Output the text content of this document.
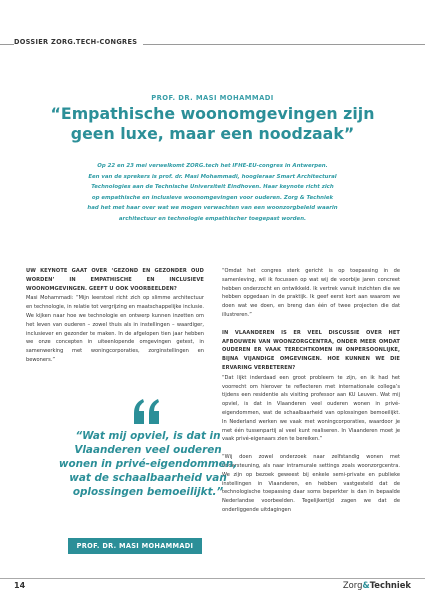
DOSSIER ZORG.TECH-CONGRES
PROF. DR. MASI MOHAMMADI
“Empathische woonomgevingen zijn
geen luxe, maar een noodzaak”
Op 22 en 23 mei verwelkomt ZORG.tech het IFHE-EU-congres in Antwerpen.
Een van de sprekers is prof. dr. Masi Mohammadi, hoogleraar Smart Architectural
Technologies aan de Technische Universiteit Eindhoven. Haar keynote richt zich
op empathische en inclusieve woonomgevingen voor ouderen. Zorg & Techniek
had het met haar over wat we mogen verwachten van een woonzorgbeleid waarin
architectuur en technologie empathischer toegepast worden.

UW KEYNOTE GAAT OVER ‘GEZOND EN GEZONDER OUD WORDEN’ IN EMPATHISCHE EN INCLUSIEVE WOONOMGEVINGEN. GEEFT U OOK VOORBEELDEN?

Masi Mohammadi: “Mijn leerstoel richt zich op slimme architectuur en technologie, in relatie tot vergrijzing en maatschappelijke inclusie. We kijken naar hoe we technologie en ontwerp kunnen inzetten om het leven van ouderen – zowel thuis als in instellingen – waardiger, inclusiever en gezonder te maken. In de afgelopen tien jaar hebben we onze concepten in uiteenlopende omgevingen getest, in samenwerking met woningcorporaties, zorginstellingen en bewoners.”

“Omdat het congres sterk gericht is op toepassing in de samenleving, wil ik focussen op wat wij de voorbije jaren concreet hebben onderzocht en ontwikkeld. Ik vertrek vanuit inzichten die we hebben opgedaan in de praktijk. Ik geef eerst kort aan waarom we doen wat we doen, en breng dan één of twee projecten die dat illustreren.”

IN VLAANDEREN IS ER VEEL DISCUSSIE OVER HET AFBOUWEN VAN WOONZORGCENTRA, ONDER MEER OMDAT OUDEREN ER VAAK TERECHTKOMEN IN ONPERSOONLIJKE, BIJNA VIJANDIGE OMGEVINGEN. HOE KUNNEN WE DIE ERVARING VERBETEREN?

“Dat lijkt inderdaad een groot probleem te zijn, en ik had het voorrecht om hierover te reflecteren met internationale collega’s tijdens een residentie als visiting professor aan KU Leuven. Wat mij opviel, is dat in Vlaanderen veel ouderen wonen in privé-eigendommen, wat de schaalbaarheid van oplossingen bemoeilijkt. In Nederland werken we vaak met woningcorporaties, waardoor je met één tussenpartij al veel kunt realiseren. In Vlaanderen moet je vaak privé-eigenaars zien te bereiken.”

“Wij doen zowel onderzoek naar zelfstandig wonen met ondersteuning, als naar intramurale settings zoals woonzorgcentra. We zijn op bezoek geweest bij enkele semi-private en publieke instellingen in Vlaanderen, en hebben vastgesteld dat de technologische toepassing daar soms beperkter is dan in bepaalde Nederlandse voorbeelden. Tegelijkertijd zagen we dat de onderliggende uitdagingen

“Wat mij opviel, is dat in
Vlaanderen veel ouderen
wonen in privé-eigendommen,
wat de schaalbaarheid van
oplossingen bemoeilijkt.”
PROF. DR. MASI MOHAMMADI
14	Zorg&Techniek
